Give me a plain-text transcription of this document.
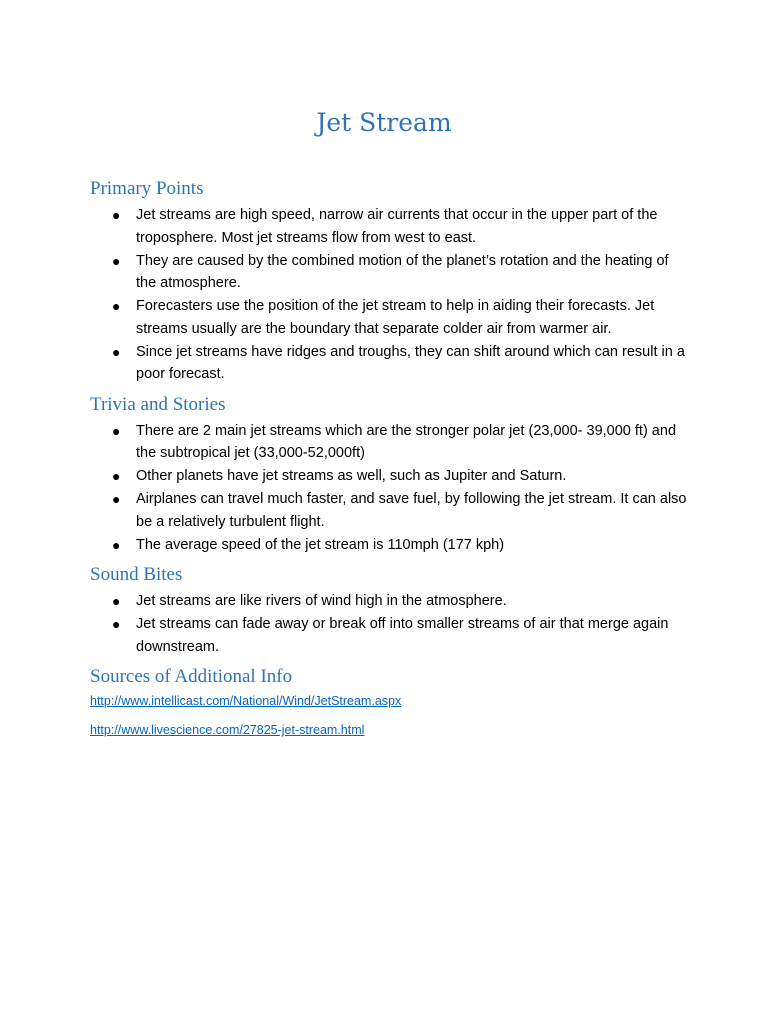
Jet Stream
Primary Points
● Jet streams are high speed, narrow air currents that occur in the upper part of the troposphere. Most jet streams flow from west to east.
● They are caused by the combined motion of the planet’s rotation and the heating of the atmosphere.
● Forecasters use the position of the jet stream to help in aiding their forecasts. Jet streams usually are the boundary that separate colder air from warmer air.
● Since jet streams have ridges and troughs, they can shift around which can result in a poor forecast.
Trivia and Stories
● There are 2 main jet streams which are the stronger polar jet (23,000- 39,000 ft) and the subtropical jet (33,000-52,000ft)
● Other planets have jet streams as well, such as Jupiter and Saturn.
● Airplanes can travel much faster, and save fuel, by following the jet stream. It can also be a relatively turbulent flight.
● The average speed of the jet stream is 110mph (177 kph)
Sound Bites
● Jet streams are like rivers of wind high in the atmosphere.
● Jet streams can fade away or break off into smaller streams of air that merge again downstream.
Sources of Additional Info
http://www.intellicast.com/National/Wind/JetStream.aspx
http://www.livescience.com/27825-jet-stream.html
